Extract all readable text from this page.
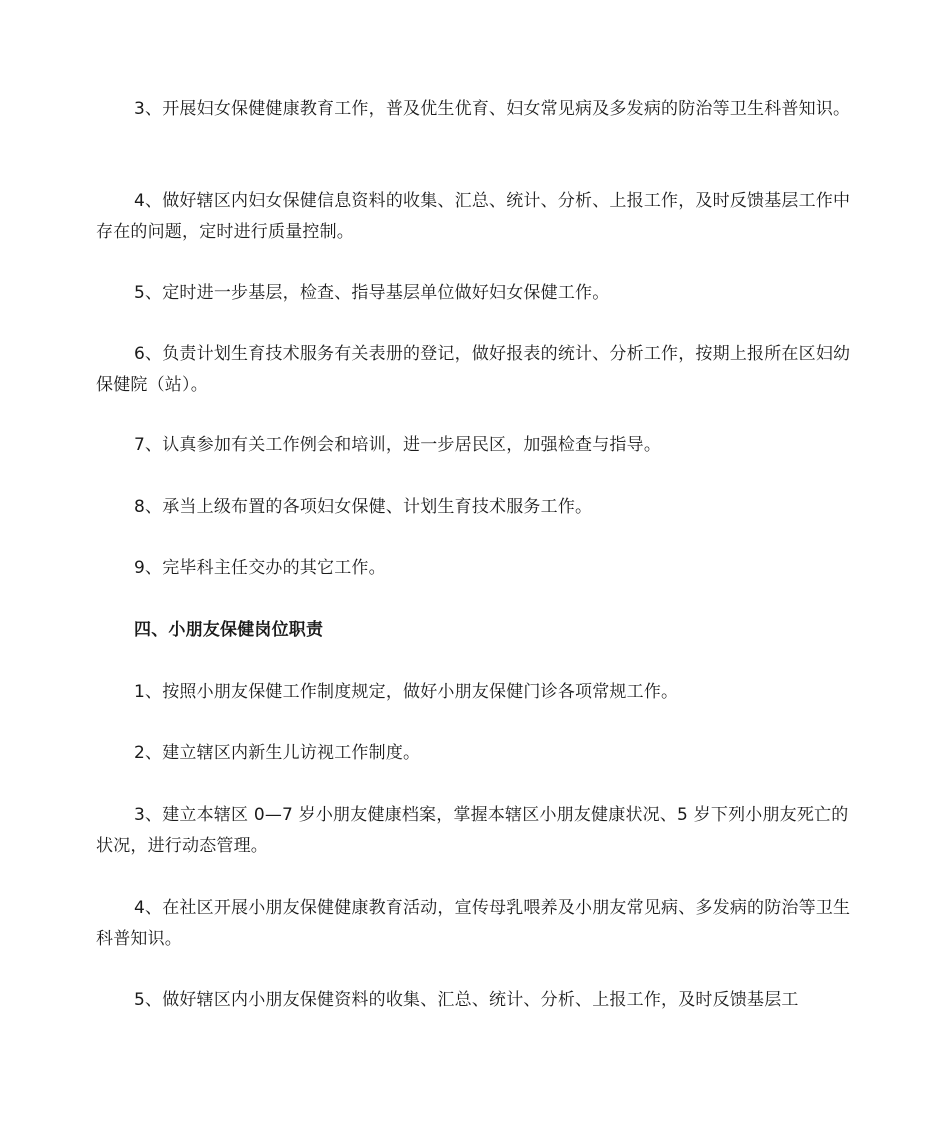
3、开展妇女保健健康教育工作，普及优生优育、妇女常见病及多发病的防治等卫生科普知识。

4、做好辖区内妇女保健信息资料的收集、汇总、统计、分析、上报工作，及时反馈基层工作中存在的问题，定时进行质量控制。

5、定时进一步基层，检查、指导基层单位做好妇女保健工作。

6、负责计划生育技术服务有关表册的登记，做好报表的统计、分析工作，按期上报所在区妇幼保健院（站）。

7、认真参加有关工作例会和培训，进一步居民区，加强检查与指导。

8、承当上级布置的各项妇女保健、计划生育技术服务工作。

9、完毕科主任交办的其它工作。

四、小朋友保健岗位职责

1、按照小朋友保健工作制度规定，做好小朋友保健门诊各项常规工作。

2、建立辖区内新生儿访视工作制度。

3、建立本辖区 0—7 岁小朋友健康档案，掌握本辖区小朋友健康状况、5 岁下列小朋友死亡的状况，进行动态管理。

4、在社区开展小朋友保健健康教育活动，宣传母乳喂养及小朋友常见病、多发病的防治等卫生科普知识。

5、做好辖区内小朋友保健资料的收集、汇总、统计、分析、上报工作，及时反馈基层工
